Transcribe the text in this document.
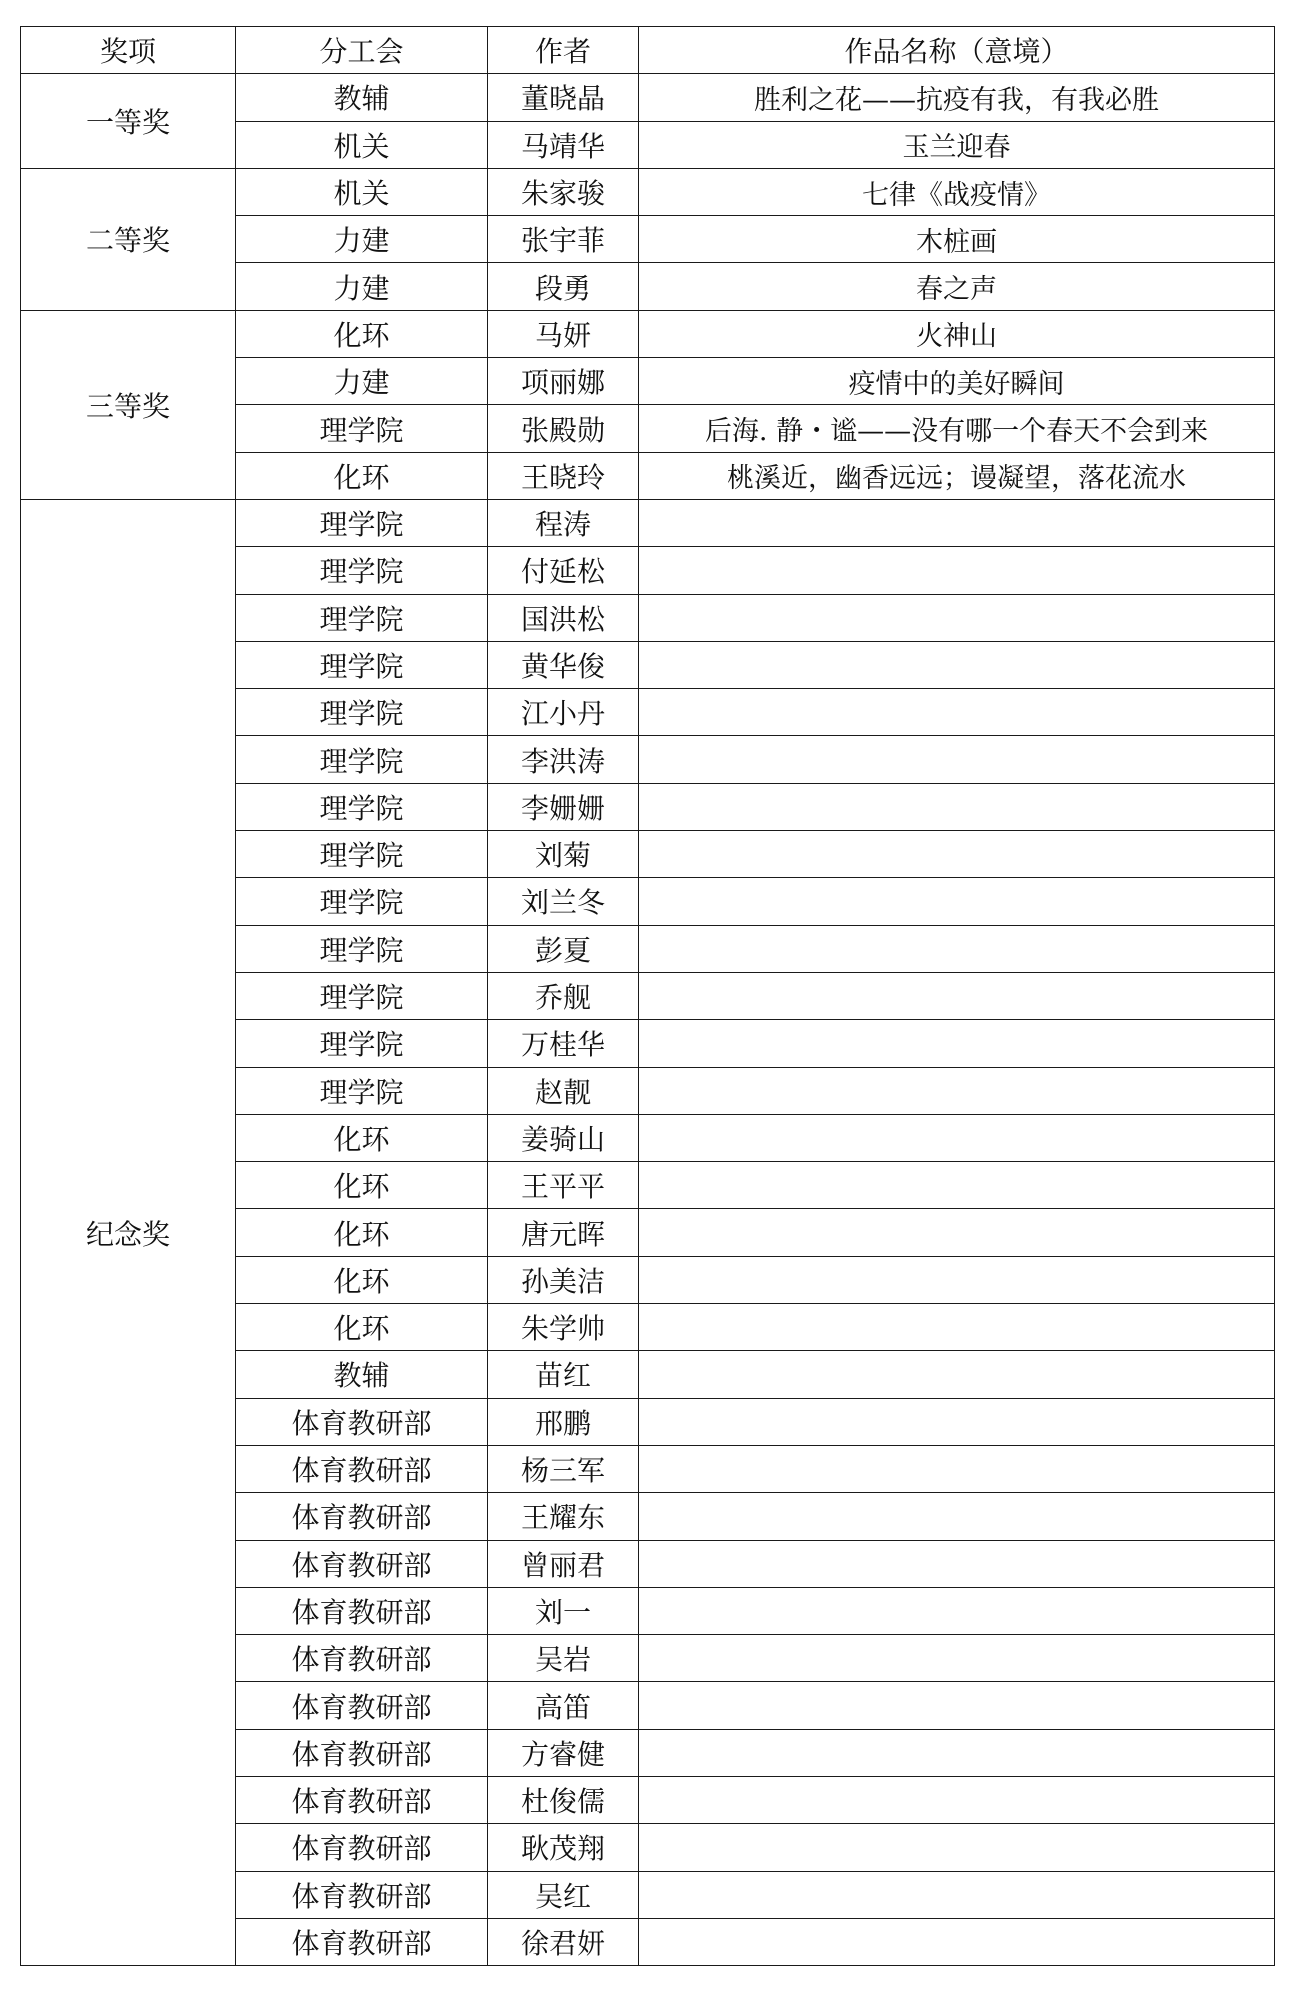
奖项	分工会	作者	作品名称（意境）
一等奖	教辅	董晓晶	胜利之花——抗疫有我，有我必胜
	机关	马靖华	玉兰迎春
二等奖	机关	朱家骏	七律《战疫情》
	力建	张宇菲	木桩画
	力建	段勇	春之声
三等奖	化环	马妍	火神山
	力建	项丽娜	疫情中的美好瞬间
	理学院	张殿勋	后海. 静・谧——没有哪一个春天不会到来
	化环	王晓玲	桃溪近，幽香远远；谩凝望，落花流水
纪念奖	理学院	程涛	
	理学院	付延松	
	理学院	国洪松	
	理学院	黄华俊	
	理学院	江小丹	
	理学院	李洪涛	
	理学院	李姗姗	
	理学院	刘菊	
	理学院	刘兰冬	
	理学院	彭夏	
	理学院	乔舰	
	理学院	万桂华	
	理学院	赵靓	
	化环	姜骑山	
	化环	王平平	
	化环	唐元晖	
	化环	孙美洁	
	化环	朱学帅	
	教辅	苗红	
	体育教研部	邢鹏	
	体育教研部	杨三军	
	体育教研部	王耀东	
	体育教研部	曾丽君	
	体育教研部	刘一	
	体育教研部	吴岩	
	体育教研部	高笛	
	体育教研部	方睿健	
	体育教研部	杜俊儒	
	体育教研部	耿茂翔	
	体育教研部	吴红	
	体育教研部	徐君妍	
